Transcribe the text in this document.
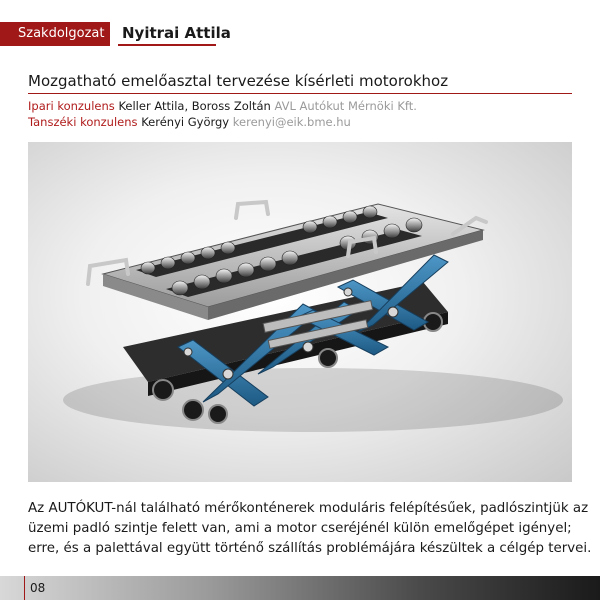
Szakdolgozat	Nyitrai Attila
Mozgatható emelőasztal tervezése kísérleti motorokhoz
Ipari konzulens Keller Attila, Boross Zoltán AVL Autókut Mérnöki Kft.
Tanszéki konzulens Kerényi György kerenyi@eik.bme.hu
Az AUTÓKUT-nál található mérőkonténerek moduláris felépítésűek, padlószintjük az
üzemi padló szintje felett van, ami a motor cseréjénél külön emelőgépet igényel;
erre, és a palettával együtt történő szállítás problémájára készültek a célgép tervei.
08
